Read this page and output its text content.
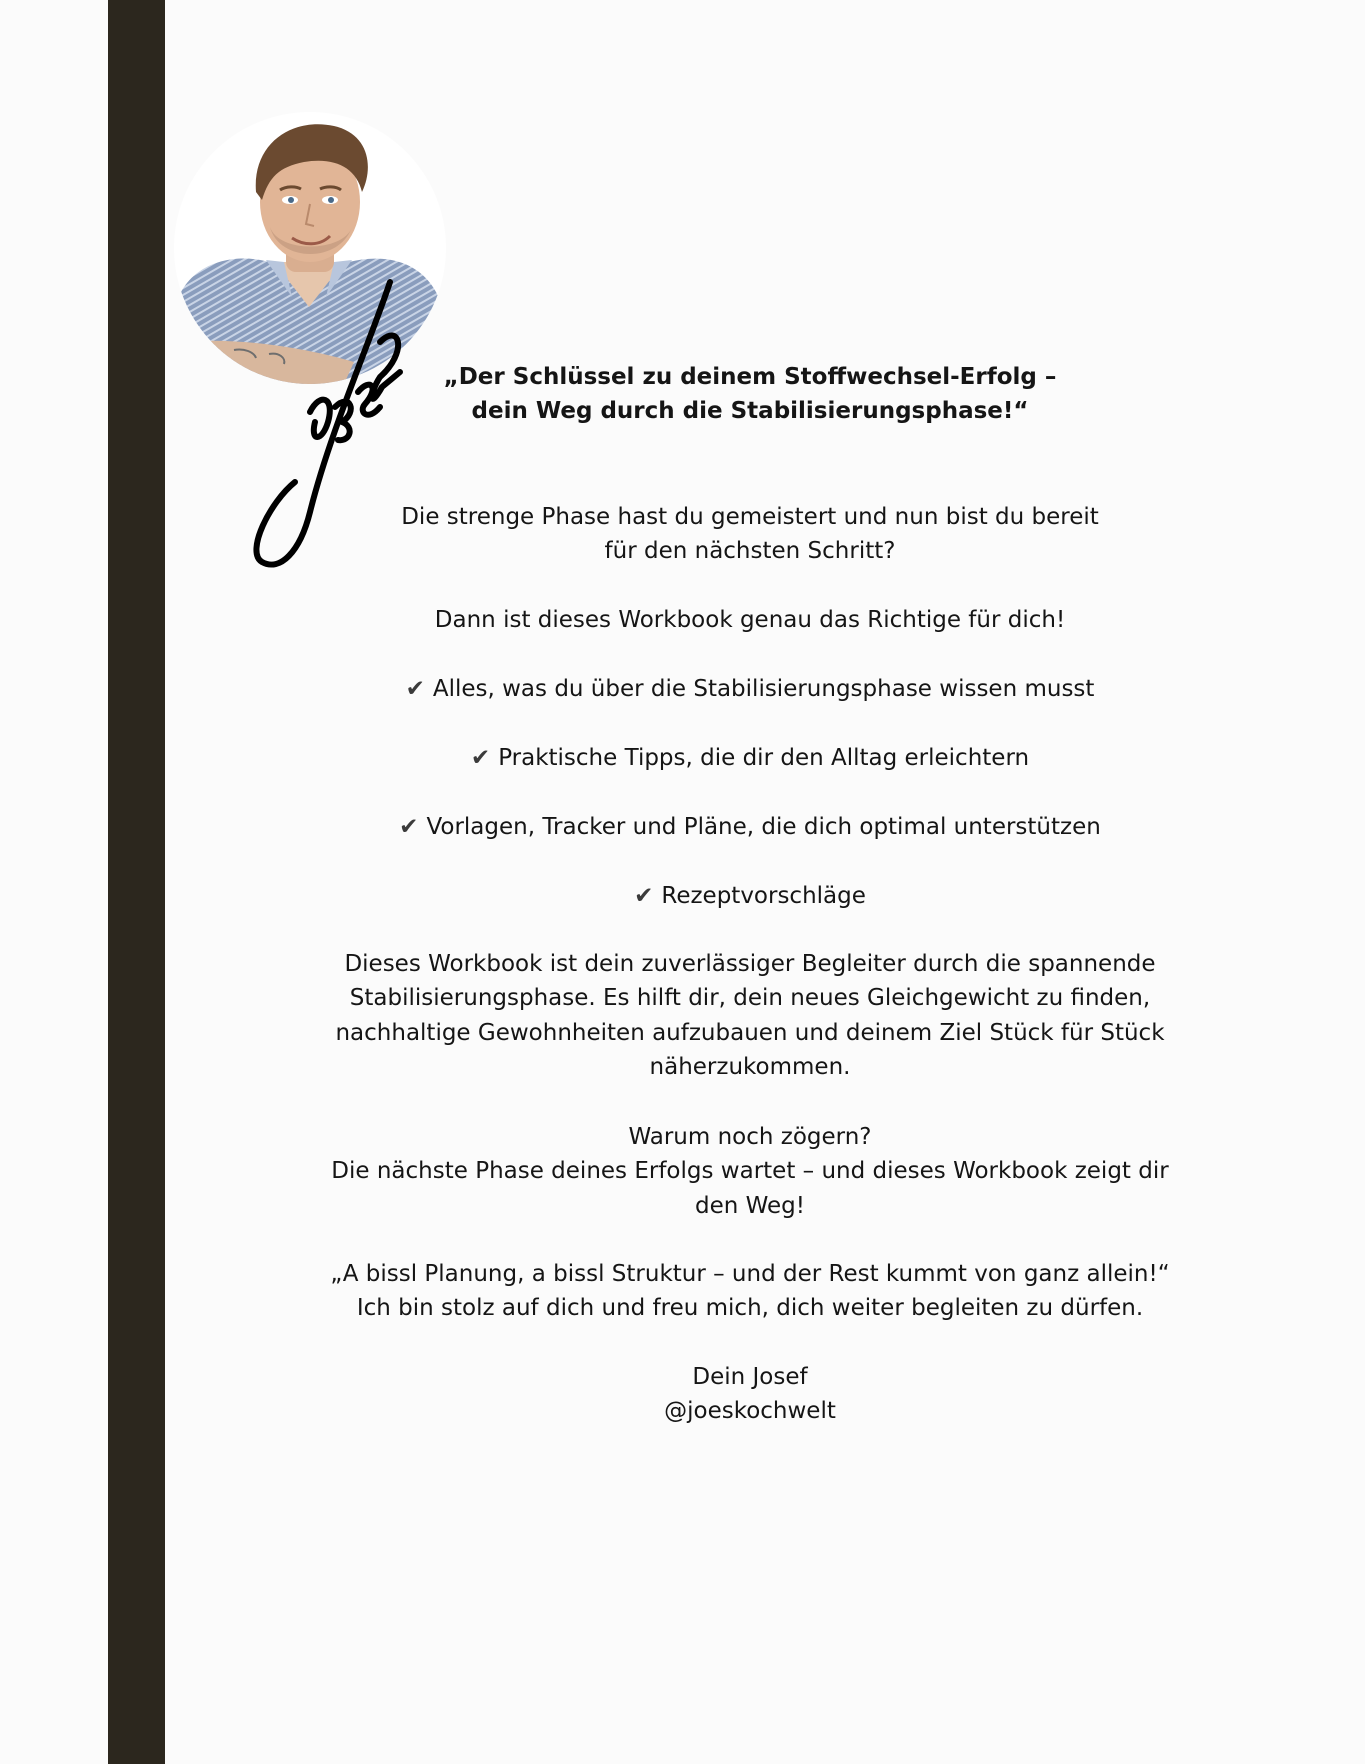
„Der Schlüssel zu deinem Stoffwechsel-Erfolg –
dein Weg durch die Stabilisierungsphase!“
Die strenge Phase hast du gemeistert und nun bist du bereit
für den nächsten Schritt?
Dann ist dieses Workbook genau das Richtige für dich!
✔ Alles, was du über die Stabilisierungsphase wissen musst
✔ Praktische Tipps, die dir den Alltag erleichtern
✔ Vorlagen, Tracker und Pläne, die dich optimal unterstützen
✔ Rezeptvorschläge
Dieses Workbook ist dein zuverlässiger Begleiter durch die spannende
Stabilisierungsphase. Es hilft dir, dein neues Gleichgewicht zu finden,
nachhaltige Gewohnheiten aufzubauen und deinem Ziel Stück für Stück
näherzukommen.
Warum noch zögern?
Die nächste Phase deines Erfolgs wartet – und dieses Workbook zeigt dir
den Weg!
„A bissl Planung, a bissl Struktur – und der Rest kummt von ganz allein!“
Ich bin stolz auf dich und freu mich, dich weiter begleiten zu dürfen.
Dein Josef
@joeskochwelt
